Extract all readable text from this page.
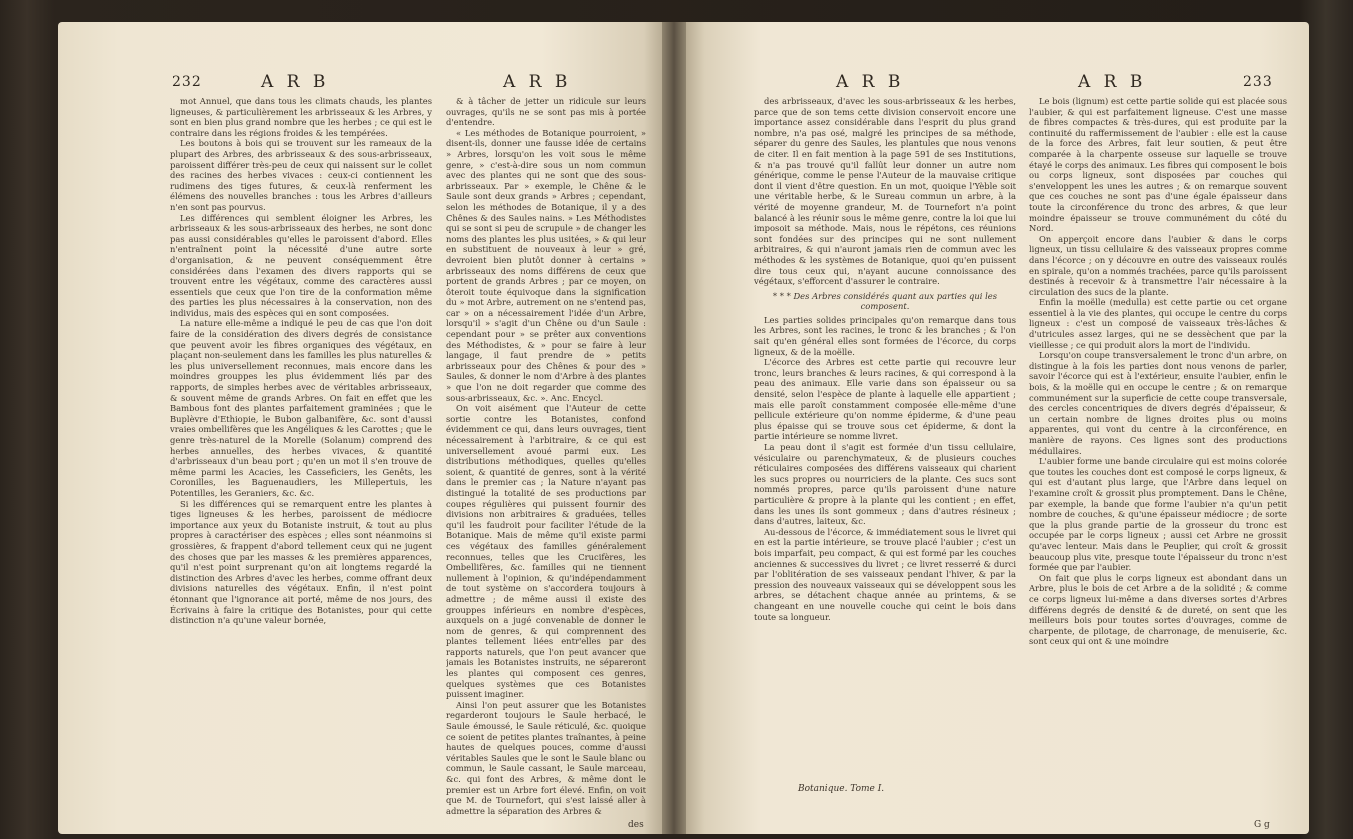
232	A R B	A R B

mot Annuel, que dans tous les climats chauds, les plantes ligneuses, & particulièrement les arbrisseaux & les Arbres, y sont en bien plus grand nombre que les herbes ; ce qui est le contraire dans les régions froides & les tempérées.

Les boutons à bois qui se trouvent sur les rameaux de la plupart des Arbres, des arbrisseaux & des sous-arbrisseaux, paroissent différer très-peu de ceux qui naissent sur le collet des racines des herbes vivaces : ceux-ci contiennent les rudimens des tiges futures, & ceux-là renferment les élémens des nouvelles branches : tous les Arbres d'ailleurs n'en sont pas pourvus.

Les différences qui semblent éloigner les Arbres, les arbrisseaux & les sous-arbrisseaux des herbes, ne sont donc pas aussi considérables qu'elles le paroissent d'abord. Elles n'entraînent point la nécessité d'une autre sorte d'organisation, & ne peuvent conséquemment être considérées dans l'examen des divers rapports qui se trouvent entre les végétaux, comme des caractères aussi essentiels que ceux que l'on tire de la conformation même des parties les plus nécessaires à la conservation, non des individus, mais des espèces qui en sont composées.

La nature elle-même a indiqué le peu de cas que l'on doit faire de la considération des divers degrés de consistance que peuvent avoir les fibres organiques des végétaux, en plaçant non-seulement dans les familles les plus naturelles & les plus universellement reconnues, mais encore dans les moindres grouppes les plus évidemment liés par des rapports, de simples herbes avec de véritables arbrisseaux, & souvent même de grands Arbres. On fait en effet que les Bambous font des plantes parfaitement graminées ; que le Buplèvre d'Ethiopie, le Bubon galbanifère, &c. sont d'aussi vraies ombellifères que les Angéliques & les Carottes ; que le genre très-naturel de la Morelle (Solanum) comprend des herbes annuelles, des herbes vivaces, & quantité d'arbrisseaux d'un beau port ; qu'en un mot il s'en trouve de même parmi les Acacies, les Casseficiers, les Genêts, les Coronilles, les Baguenaudiers, les Millepertuis, les Potentilles, les Geraniers, &c. &c.

Si les différences qui se remarquent entre les plantes à tiges ligneuses & les herbes, paroissent de médiocre importance aux yeux du Botaniste instruit, & tout au plus propres à caractériser des espèces ; elles sont néanmoins si grossières, & frappent d'abord tellement ceux qui ne jugent des choses que par les masses & les premières apparences, qu'il n'est point surprenant qu'on ait longtems regardé la distinction des Arbres d'avec les herbes, comme offrant deux divisions naturelles des végétaux. Enfin, il n'est point étonnant que l'ignorance ait porté, même de nos jours, des Écrivains à faire la critique des Botanistes, pour qui cette distinction n'a qu'une valeur bornée,

& à tâcher de jetter un ridicule sur leurs ouvrages, qu'ils ne se sont pas mis à portée d'entendre.

« Les méthodes de Botanique pourroient, » disent-ils, donner une fausse idée de certains » Arbres, lorsqu'on les voit sous le même genre, » c'est-à-dire sous un nom commun avec des plantes qui ne sont que des sous-arbrisseaux. Par » exemple, le Chêne & le Saule sont deux grands » Arbres ; cependant, selon les méthodes de Botanique, il y a des Chênes & des Saules nains. » Les Méthodistes qui se sont si peu de scrupule » de changer les noms des plantes les plus usitées, » & qui leur en substituent de nouveaux à leur » gré, devroient bien plutôt donner à certains » arbrisseaux des noms différens de ceux que portent de grands Arbres ; par ce moyen, on ôteroit toute équivoque dans la signification du » mot Arbre, autrement on ne s'entend pas, car » on a nécessairement l'idée d'un Arbre, lorsqu'il » s'agit d'un Chêne ou d'un Saule : cependant pour » se prêter aux conventions des Méthodistes, & » pour se faire à leur langage, il faut prendre de » petits arbrisseaux pour des Chênes & pour des » Saules, & donner le nom d'Arbre à des plantes » que l'on ne doit regarder que comme des sous-arbrisseaux, &c. ». Anc. Encycl.

On voit aisément que l'Auteur de cette sortie contre les Botanistes, confond évidemment ce qui, dans leurs ouvrages, tient nécessairement à l'arbitraire, & ce qui est universellement avoué parmi eux. Les distributions méthodiques, quelles qu'elles soient, & quantité de genres, sont à la vérité dans le premier cas ; la Nature n'ayant pas distingué la totalité de ses productions par coupes régulières qui puissent fournir des divisions non arbitraires & graduées, telles qu'il les faudroit pour faciliter l'étude de la Botanique. Mais de même qu'il existe parmi ces végétaux des familles généralement reconnues, telles que les Crucifères, les Ombellifères, &c. familles qui ne tiennent nullement à l'opinion, & qu'indépendamment de tout système on s'accordera toujours à admettre ; de même aussi il existe des grouppes inférieurs en nombre d'espèces, auxquels on a jugé convenable de donner le nom de genres, & qui comprennent des plantes tellement liées entr'elles par des rapports naturels, que l'on peut avancer que jamais les Botanistes instruits, ne sépareront les plantes qui composent ces genres, quelques systèmes que ces Botanistes puissent imaginer.

Ainsi l'on peut assurer que les Botanistes regarderont toujours le Saule herbacé, le Saule émoussé, le Saule réticulé, &c. quoique ce soient de petites plantes traînantes, à peine hautes de quelques pouces, comme d'aussi véritables Saules que le sont le Saule blanc ou commun, le Saule cassant, le Saule marceau, &c. qui font des Arbres, & même dont le premier est un Arbre fort élevé. Enfin, on voit que M. de Tournefort, qui s'est laissé aller à admettre la séparation des Arbres &

des
A R B	A R B	233

des arbrisseaux, d'avec les sous-arbrisseaux & les herbes, parce que de son tems cette division conservoit encore une importance assez considérable dans l'esprit du plus grand nombre, n'a pas osé, malgré les principes de sa méthode, séparer du genre des Saules, les plantules que nous venons de citer. Il en fait mention à la page 591 de ses Institutions, & n'a pas trouvé qu'il fallût leur donner un autre nom générique, comme le pense l'Auteur de la mauvaise critique dont il vient d'être question. En un mot, quoique l'Yèble soit une véritable herbe, & le Sureau commun un arbre, à la vérité de moyenne grandeur, M. de Tournefort n'a point balancé à les réunir sous le même genre, contre la loi que lui imposoit sa méthode. Mais, nous le répétons, ces réunions sont fondées sur des principes qui ne sont nullement arbitraires, & qui n'auront jamais rien de commun avec les méthodes & les systèmes de Botanique, quoi qu'en puissent dire tous ceux qui, n'ayant aucune connoissance des végétaux, s'efforcent d'assurer le contraire.

* * * Des Arbres considérés quant aux parties qui les composent.

Les parties solides principales qu'on remarque dans tous les Arbres, sont les racines, le tronc & les branches ; & l'on sait qu'en général elles sont formées de l'écorce, du corps ligneux, & de la moëlle.

L'écorce des Arbres est cette partie qui recouvre leur tronc, leurs branches & leurs racines, & qui correspond à la peau des animaux. Elle varie dans son épaisseur ou sa densité, selon l'espèce de plante à laquelle elle appartient ; mais elle paroît constamment composée elle-même d'une pellicule extérieure qu'on nomme épiderme, & d'une peau plus épaisse qui se trouve sous cet épiderme, & dont la partie intérieure se nomme livret.

La peau dont il s'agit est formée d'un tissu cellulaire, vésiculaire ou parenchymateux, & de plusieurs couches réticulaires composées des différens vaisseaux qui charient les sucs propres ou nourriciers de la plante. Ces sucs sont nommés propres, parce qu'ils paroissent d'une nature particulière & propre à la plante qui les contient ; en effet, dans les unes ils sont gommeux ; dans d'autres résineux ; dans d'autres, laiteux, &c.

Au-dessous de l'écorce, & immédiatement sous le livret qui en est la partie intérieure, se trouve placé l'aubier ; c'est un bois imparfait, peu compact, & qui est formé par les couches anciennes & successives du livret ; ce livret resserré & durci par l'oblitération de ses vaisseaux pendant l'hiver, & par la pression des nouveaux vaisseaux qui se développent sous les arbres, se détachent chaque année au printems, & se changeant en une nouvelle couche qui ceint le bois dans toute sa longueur.

Botanique. Tome I.

Le bois (lignum) est cette partie solide qui est placée sous l'aubier, & qui est parfaitement ligneuse. C'est une masse de fibres compactes & très-dures, qui est produite par la continuité du raffermissement de l'aubier : elle est la cause de la force des Arbres, fait leur soutien, & peut être comparée à la charpente osseuse sur laquelle se trouve étayé le corps des animaux. Les fibres qui composent le bois ou corps ligneux, sont disposées par couches qui s'enveloppent les unes les autres ; & on remarque souvent que ces couches ne sont pas d'une égale épaisseur dans toute la circonférence du tronc des arbres, & que leur moindre épaisseur se trouve communément du côté du Nord.

On apperçoit encore dans l'aubier & dans le corps ligneux, un tissu cellulaire & des vaisseaux propres comme dans l'écorce ; on y découvre en outre des vaisseaux roulés en spirale, qu'on a nommés trachées, parce qu'ils paroissent destinés à recevoir & à transmettre l'air nécessaire à la circulation des sucs de la plante.

Enfin la moëlle (medulla) est cette partie ou cet organe essentiel à la vie des plantes, qui occupe le centre du corps ligneux : c'est un composé de vaisseaux très-lâches & d'utricules assez larges, qui ne se dessèchent que par la vieillesse ; ce qui produit alors la mort de l'individu.

Lorsqu'on coupe transversalement le tronc d'un arbre, on distingue à la fois les parties dont nous venons de parler, savoir l'écorce qui est à l'extérieur, ensuite l'aubier, enfin le bois, & la moëlle qui en occupe le centre ; & on remarque communément sur la superficie de cette coupe transversale, des cercles concentriques de divers degrés d'épaisseur, & un certain nombre de lignes droites plus ou moins apparentes, qui vont du centre à la circonférence, en manière de rayons. Ces lignes sont des productions médullaires.

L'aubier forme une bande circulaire qui est moins colorée que toutes les couches dont est composé le corps ligneux, & qui est d'autant plus large, que l'Arbre dans lequel on l'examine croît & grossit plus promptement. Dans le Chêne, par exemple, la bande que forme l'aubier n'a qu'un petit nombre de couches, & qu'une épaisseur médiocre ; de sorte que la plus grande partie de la grosseur du tronc est occupée par le corps ligneux ; aussi cet Arbre ne grossit qu'avec lenteur. Mais dans le Peuplier, qui croît & grossit beaucoup plus vite, presque toute l'épaisseur du tronc n'est formée que par l'aubier.

On fait que plus le corps ligneux est abondant dans un Arbre, plus le bois de cet Arbre a de la solidité ; & comme ce corps ligneux lui-même a dans diverses sortes d'Arbres différens degrés de densité & de dureté, on sent que les meilleurs bois pour toutes sortes d'ouvrages, comme de charpente, de pilotage, de charronage, de menuiserie, &c. sont ceux qui ont & une moindre

G g
